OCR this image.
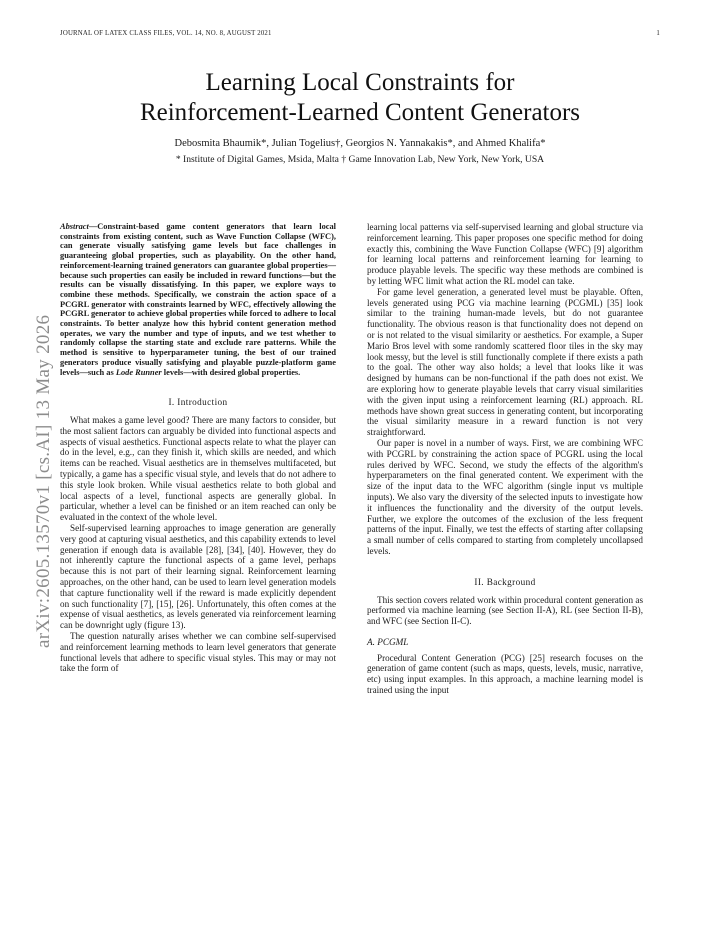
JOURNAL OF LATEX CLASS FILES, VOL. 14, NO. 8, AUGUST 2021	1
arXiv:2605.13570v1 [cs.AI] 13 May 2026
Learning Local Constraints for
Reinforcement-Learned Content Generators
Debosmita Bhaumik*, Julian Togelius†, Georgios N. Yannakakis*, and Ahmed Khalifa*
* Institute of Digital Games, Msida, Malta † Game Innovation Lab, New York, New York, USA
Abstract—Constraint-based game content generators that learn local constraints from existing content, such as Wave Function Collapse (WFC), can generate visually satisfying game levels but face challenges in guaranteeing global properties, such as playability. On the other hand, reinforcement-learning trained generators can guarantee global properties—because such properties can easily be included in reward functions—but the results can be visually dissatisfying. In this paper, we explore ways to combine these methods. Specifically, we constrain the action space of a PCGRL generator with constraints learned by WFC, effectively allowing the PCGRL generator to achieve global properties while forced to adhere to local constraints. To better analyze how this hybrid content generation method operates, we vary the number and type of inputs, and we test whether to randomly collapse the starting state and exclude rare patterns. While the method is sensitive to hyperparameter tuning, the best of our trained generators produce visually satisfying and playable puzzle-platform game levels—such as Lode Runner levels—with desired global properties.
I. Introduction

What makes a game level good? There are many factors to consider, but the most salient factors can arguably be divided into functional aspects and aspects of visual aesthetics. Functional aspects relate to what the player can do in the level, e.g., can they finish it, which skills are needed, and which items can be reached. Visual aesthetics are in themselves multifaceted, but typically, a game has a specific visual style, and levels that do not adhere to this style look broken. While visual aesthetics relate to both global and local aspects of a level, functional aspects are generally global. In particular, whether a level can be finished or an item reached can only be evaluated in the context of the whole level.

Self-supervised learning approaches to image generation are generally very good at capturing visual aesthetics, and this capability extends to level generation if enough data is available [28], [34], [40]. However, they do not inherently capture the functional aspects of a game level, perhaps because this is not part of their learning signal. Reinforcement learning approaches, on the other hand, can be used to learn level generation models that capture functionality well if the reward is made explicitly dependent on such functionality [7], [15], [26]. Unfortunately, this often comes at the expense of visual aesthetics, as levels generated via reinforcement learning can be downright ugly (figure 13).

The question naturally arises whether we can combine self-supervised and reinforcement learning methods to learn level generators that generate functional levels that adhere to specific visual styles. This may or may not take the form of

learning local patterns via self-supervised learning and global structure via reinforcement learning. This paper proposes one specific method for doing exactly this, combining the Wave Function Collapse (WFC) [9] algorithm for learning local patterns and reinforcement learning for learning to produce playable levels. The specific way these methods are combined is by letting WFC limit what action the RL model can take.

For game level generation, a generated level must be playable. Often, levels generated using PCG via machine learning (PCGML) [35] look similar to the training human-made levels, but do not guarantee functionality. The obvious reason is that functionality does not depend on or is not related to the visual similarity or aesthetics. For example, a Super Mario Bros level with some randomly scattered floor tiles in the sky may look messy, but the level is still functionally complete if there exists a path to the goal. The other way also holds; a level that looks like it was designed by humans can be non-functional if the path does not exist. We are exploring how to generate playable levels that carry visual similarities with the given input using a reinforcement learning (RL) approach. RL methods have shown great success in generating content, but incorporating the visual similarity measure in a reward function is not very straightforward.

Our paper is novel in a number of ways. First, we are combining WFC with PCGRL by constraining the action space of PCGRL using the local rules derived by WFC. Second, we study the effects of the algorithm's hyperparameters on the final generated content. We experiment with the size of the input data to the WFC algorithm (single input vs multiple inputs). We also vary the diversity of the selected inputs to investigate how it influences the functionality and the diversity of the output levels. Further, we explore the outcomes of the exclusion of the less frequent patterns of the input. Finally, we test the effects of starting after collapsing a small number of cells compared to starting from completely uncollapsed levels.

II. Background

This section covers related work within procedural content generation as performed via machine learning (see Section II-A), RL (see Section II-B), and WFC (see Section II-C).

A. PCGML

Procedural Content Generation (PCG) [25] research focuses on the generation of game content (such as maps, quests, levels, music, narrative, etc) using input examples. In this approach, a machine learning model is trained using the input
